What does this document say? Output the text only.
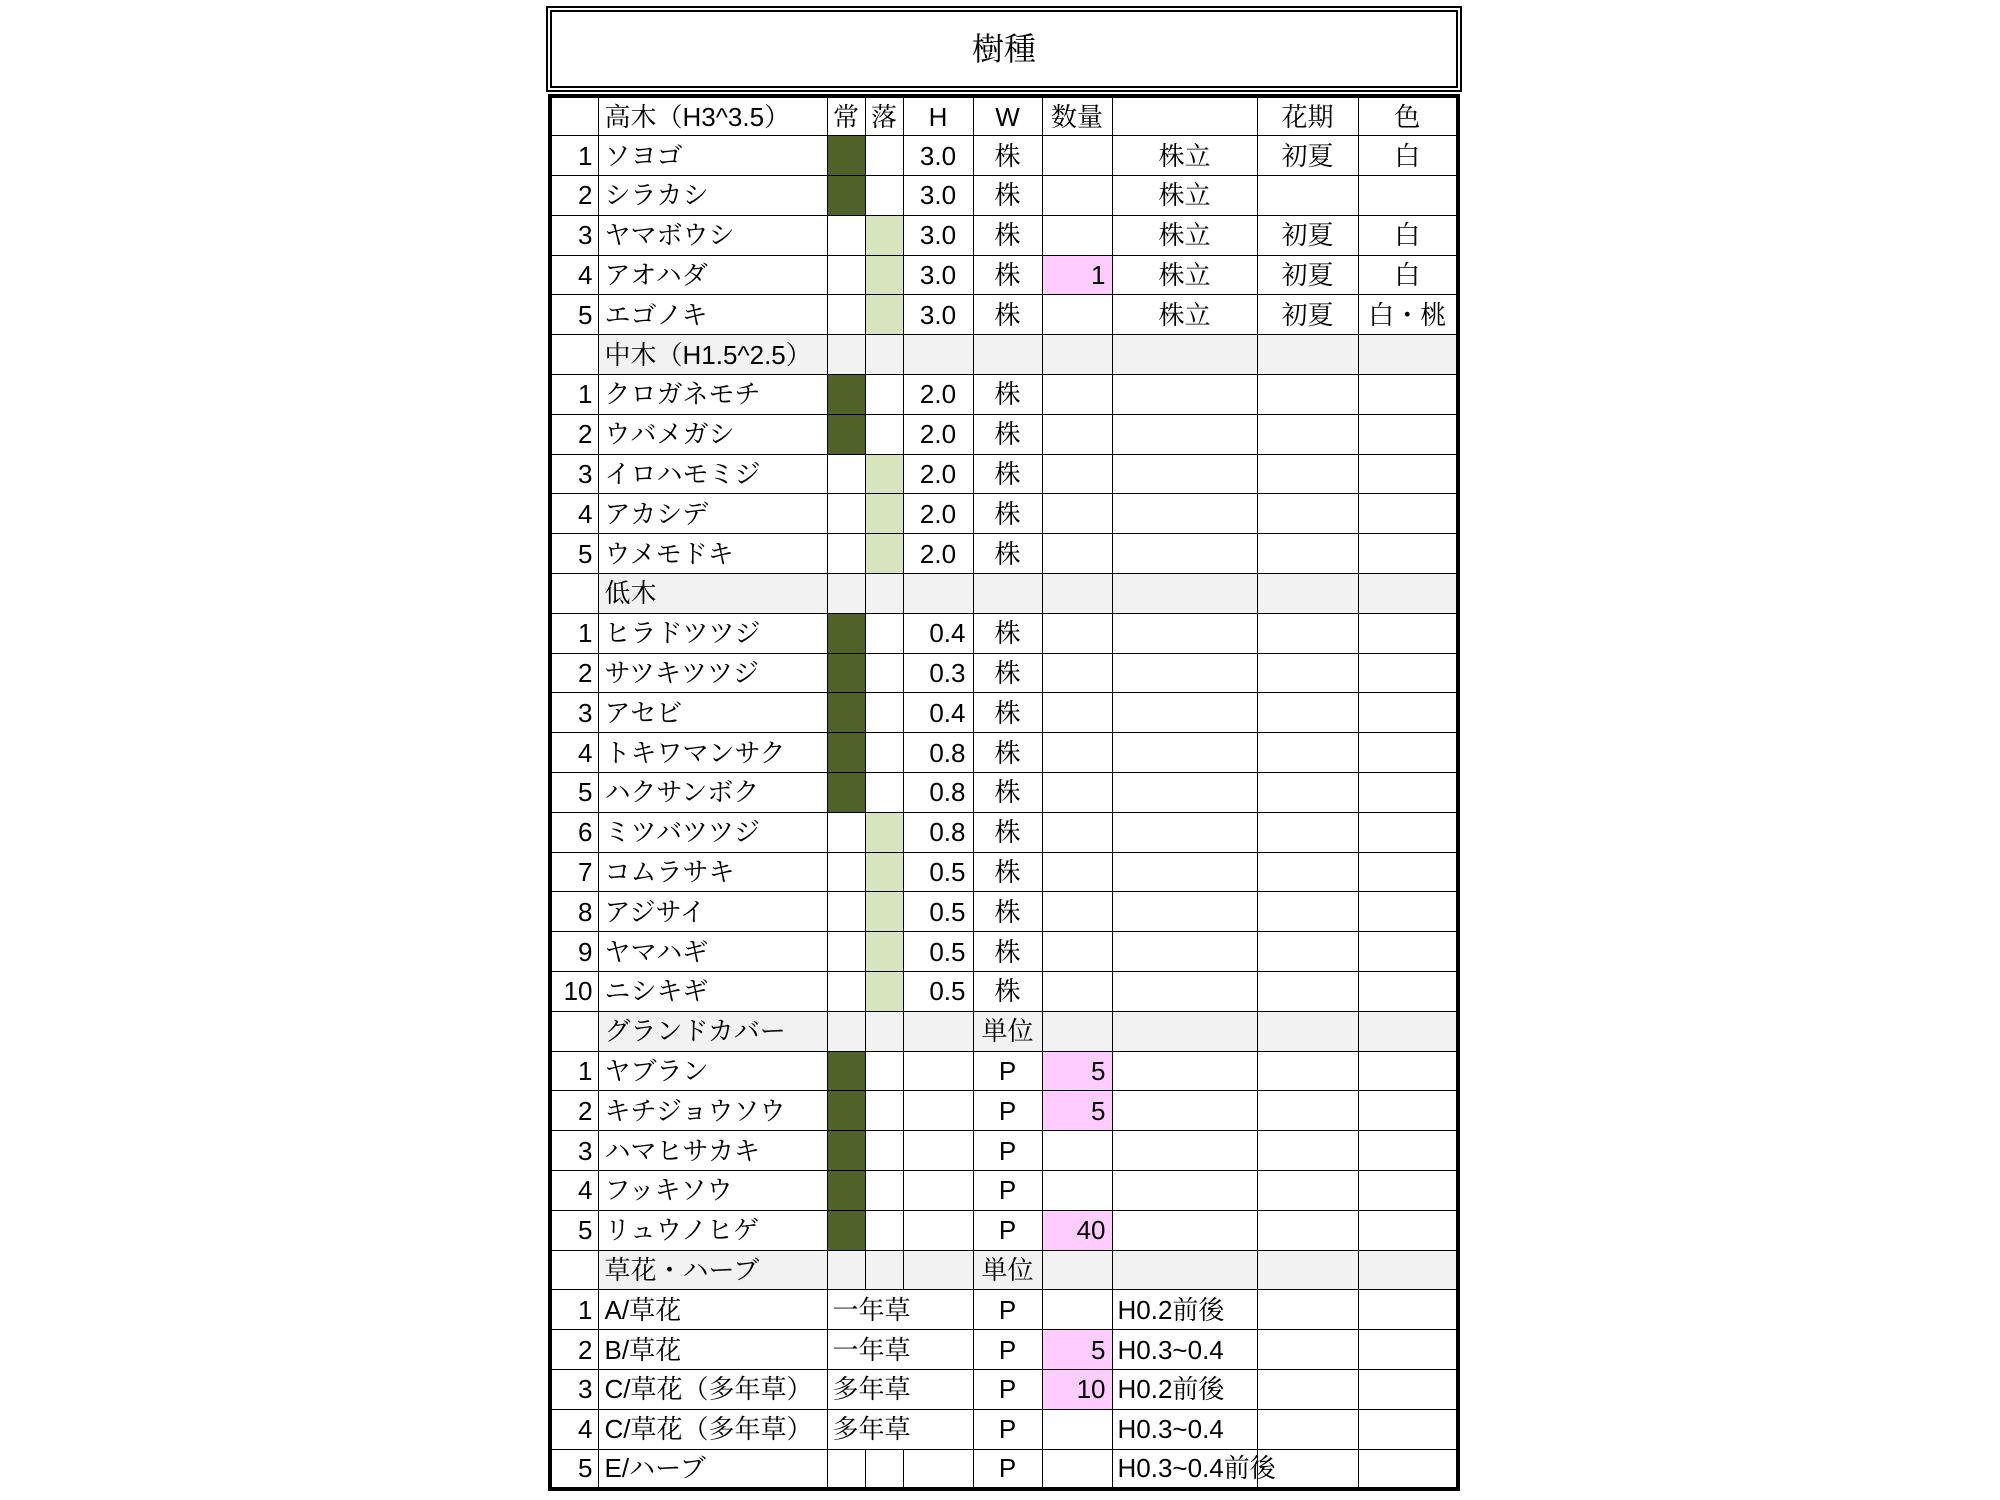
樹種
	高木（H3^3.5）	常	落	H	W	数量		花期	色
1	ソヨゴ			3.0	株		株立	初夏	白
2	シラカシ			3.0	株		株立		
3	ヤマボウシ			3.0	株		株立	初夏	白
4	アオハダ			3.0	株	1	株立	初夏	白
5	エゴノキ			3.0	株		株立	初夏	白・桃
	中木（H1.5^2.5）								
1	クロガネモチ			2.0	株				
2	ウバメガシ			2.0	株				
3	イロハモミジ			2.0	株				
4	アカシデ			2.0	株				
5	ウメモドキ			2.0	株				
	低木								
1	ヒラドツツジ			0.4	株				
2	サツキツツジ			0.3	株				
3	アセビ			0.4	株				
4	トキワマンサク			0.8	株				
5	ハクサンボク			0.8	株				
6	ミツバツツジ			0.8	株				
7	コムラサキ			0.5	株				
8	アジサイ			0.5	株				
9	ヤマハギ			0.5	株				
10	ニシキギ			0.5	株				
	グランドカバー				単位				
1	ヤブラン				P	5			
2	キチジョウソウ				P	5			
3	ハマヒサカキ				P				
4	フッキソウ				P				
5	リュウノヒゲ				P	40			
	草花・ハーブ				単位				
1	A/草花	一年草			P		H0.2前後		
2	B/草花	一年草			P	5	H0.3~0.4		
3	C/草花（多年草）	多年草			P	10	H0.2前後		
4	C/草花（多年草）	多年草			P		H0.3~0.4		
5	E/ハーブ				P		H0.3~0.4前後		
